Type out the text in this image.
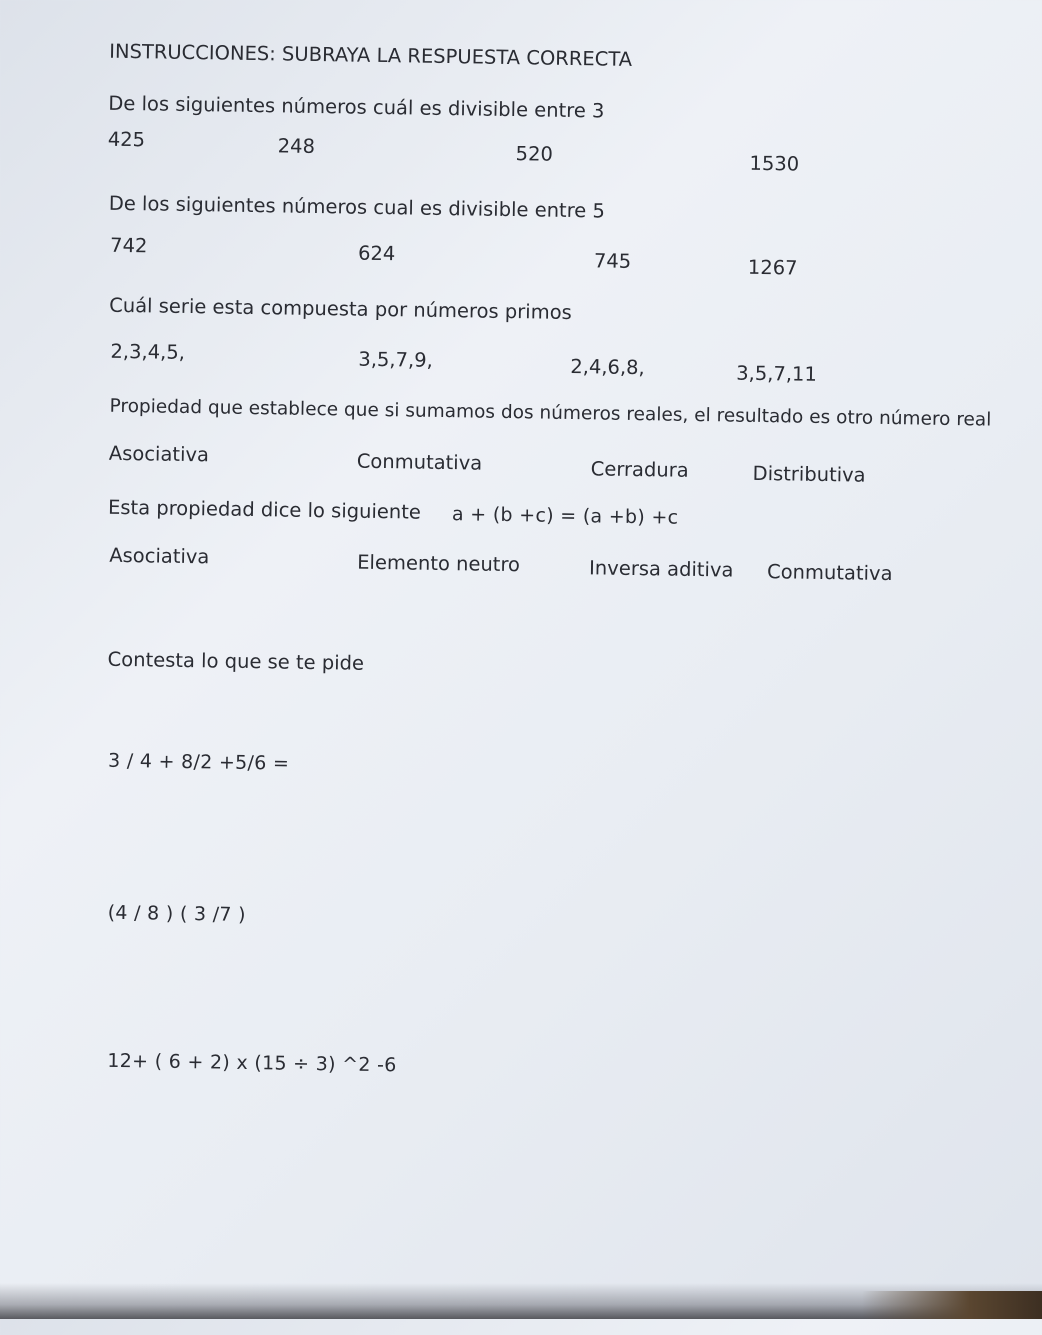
INSTRUCCIONES: SUBRAYA LA RESPUESTA CORRECTA
De los siguientes números cuál es divisible entre 3
425	248	520	1530
De los siguientes números cual es divisible entre 5
742	624	745	1267
Cuál serie esta compuesta por números primos
2,3,4,5,	3,5,7,9,	2,4,6,8,	3,5,7,11
Propiedad que establece que si sumamos dos números reales, el resultado es otro número real
Asociativa	Conmutativa	Cerradura	Distributiva
Esta propiedad dice lo siguiente a + (b +c) = (a +b) +c
Asociativa	Elemento neutro	Inversa aditiva Conmutativa
Contesta lo que se te pide
3 / 4 + 8/2 +5/6 =
(4 / 8 ) ( 3 /7 )
12+ ( 6 + 2) x (15 ÷ 3) ^2 -6
